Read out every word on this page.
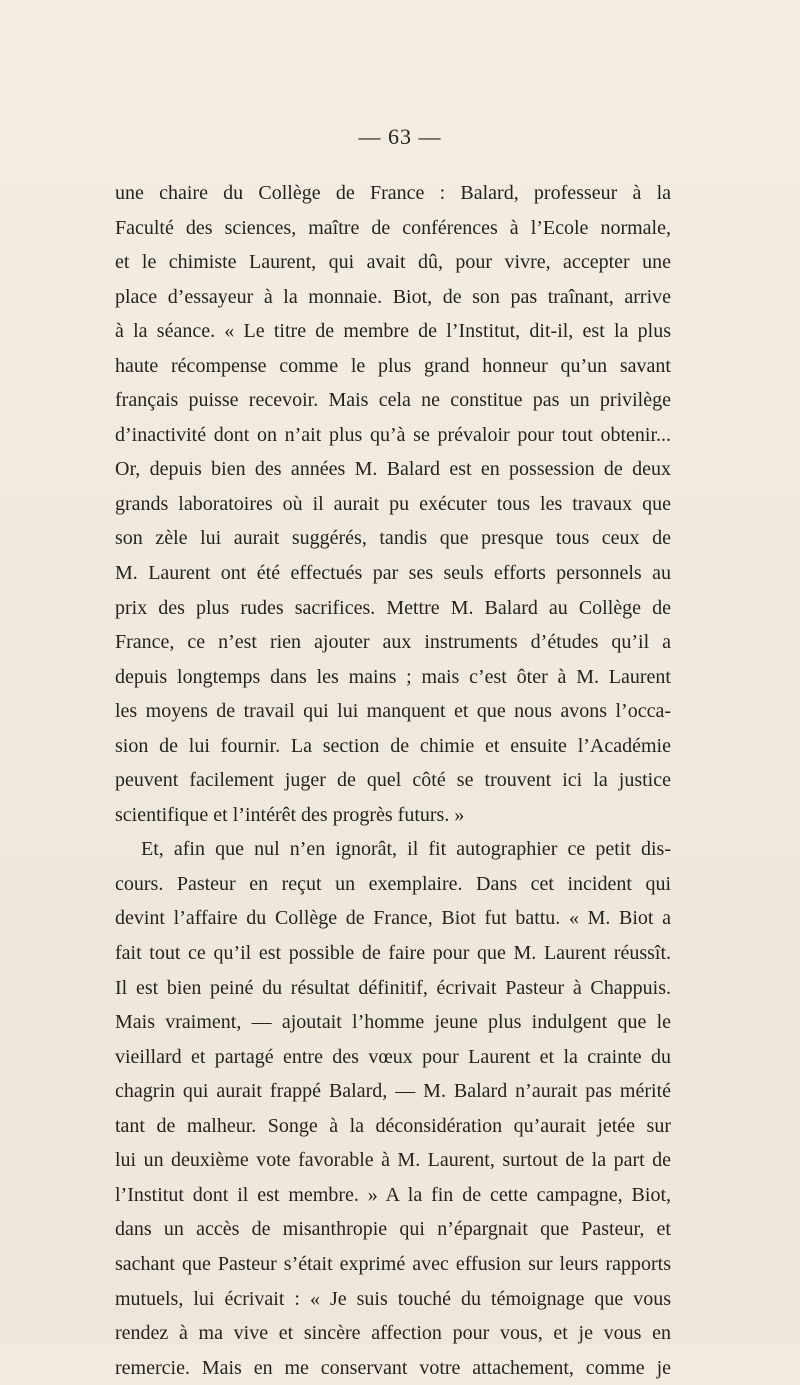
— 63 —
une chaire du Collège de France : Balard, professeur à la
Faculté des sciences, maître de conférences à l’Ecole normale,
et le chimiste Laurent, qui avait dû, pour vivre, accepter une
place d’essayeur à la monnaie. Biot, de son pas traînant, arrive
à la séance. « Le titre de membre de l’Institut, dit-il, est la plus
haute récompense comme le plus grand honneur qu’un savant
français puisse recevoir. Mais cela ne constitue pas un privilège
d’inactivité dont on n’ait plus qu’à se prévaloir pour tout obtenir...
Or, depuis bien des années M. Balard est en possession de deux
grands laboratoires où il aurait pu exécuter tous les travaux que
son zèle lui aurait suggérés, tandis que presque tous ceux de
M. Laurent ont été effectués par ses seuls efforts personnels au
prix des plus rudes sacrifices. Mettre M. Balard au Collège de
France, ce n’est rien ajouter aux instruments d’études qu’il a
depuis longtemps dans les mains ; mais c’est ôter à M. Laurent
les moyens de travail qui lui manquent et que nous avons l’occa-
sion de lui fournir. La section de chimie et ensuite l’Académie
peuvent facilement juger de quel côté se trouvent ici la justice
scientifique et l’intérêt des progrès futurs. »
Et, afin que nul n’en ignorât, il fit autographier ce petit dis-
cours. Pasteur en reçut un exemplaire. Dans cet incident qui
devint l’affaire du Collège de France, Biot fut battu. « M. Biot a
fait tout ce qu’il est possible de faire pour que M. Laurent réussît.
Il est bien peiné du résultat définitif, écrivait Pasteur à Chappuis.
Mais vraiment, — ajoutait l’homme jeune plus indulgent que le
vieillard et partagé entre des vœux pour Laurent et la crainte du
chagrin qui aurait frappé Balard, — M. Balard n’aurait pas mérité
tant de malheur. Songe à la déconsidération qu’aurait jetée sur
lui un deuxième vote favorable à M. Laurent, surtout de la part de
l’Institut dont il est membre. » A la fin de cette campagne, Biot,
dans un accès de misanthropie qui n’épargnait que Pasteur, et
sachant que Pasteur s’était exprimé avec effusion sur leurs rapports
mutuels, lui écrivait : « Je suis touché du témoignage que vous
rendez à ma vive et sincère affection pour vous, et je vous en
remercie. Mais en me conservant votre attachement, comme je
